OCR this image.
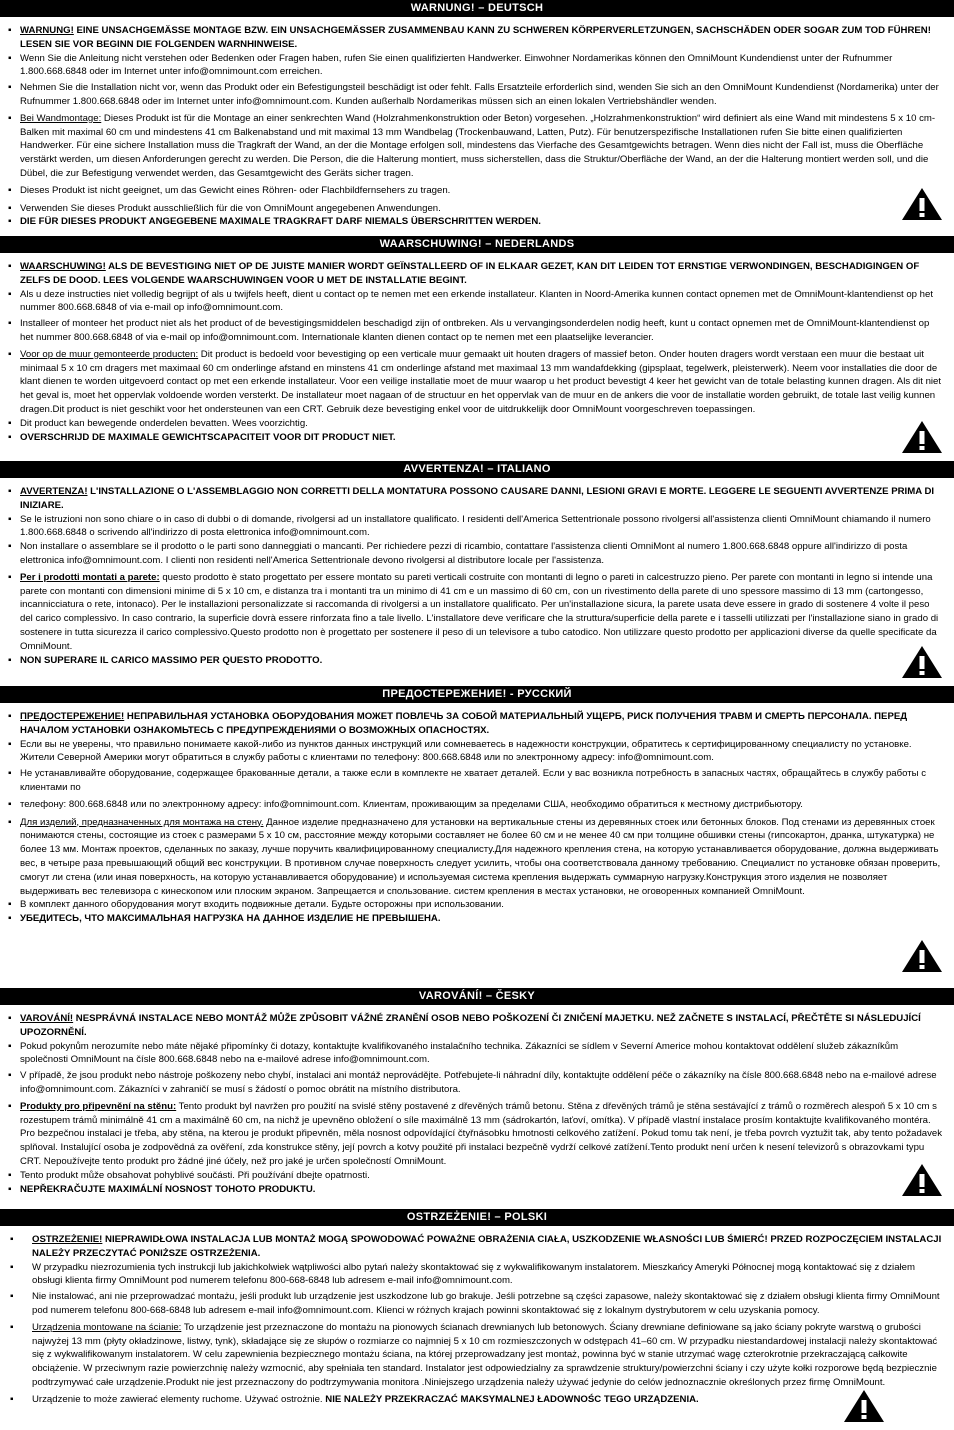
WARNUNG! – DEUTSCH
▪ WARNUNG! EINE UNSACHGEMÄSSE MONTAGE BZW. EIN UNSACHGEMÄSSER ZUSAMMENBAU KANN ZU SCHWEREN KÖRPERVERLETZUNGEN, SACHSCHÄDEN ODER SOGAR ZUM TOD FÜHREN! LESEN SIE VOR BEGINN DIE FOLGENDEN WARNHINWEISE.
▪ Wenn Sie die Anleitung nicht verstehen oder Bedenken oder Fragen haben, rufen Sie einen qualifizierten Handwerker. Einwohner Nordamerikas können den OmniMount Kundendienst unter der Rufnummer 1.800.668.6848 oder im Internet unter info@omnimount.com erreichen.
▪ Nehmen Sie die Installation nicht vor, wenn das Produkt oder ein Befestigungsteil beschädigt ist oder fehlt. Falls Ersatzteile erforderlich sind, wenden Sie sich an den OmniMount Kundendienst (Nordamerika) unter der Rufnummer 1.800.668.6848 oder im Internet unter info@omnimount.com. Kunden außerhalb Nordamerikas müssen sich an einen lokalen Vertriebshändler wenden.
▪ Bei Wandmontage: Dieses Produkt ist für die Montage an einer senkrechten Wand (Holzrahmenkonstruktion oder Beton) vorgesehen. „Holzrahmenkonstruktion“ wird definiert als eine Wand mit mindestens 5 x 10 cm-Balken mit maximal 60 cm und mindestens 41 cm Balkenabstand und mit maximal 13 mm Wandbelag (Trockenbauwand, Latten, Putz). Für benutzerspezifische Installationen rufen Sie bitte einen qualifizierten Handwerker. Für eine sichere Installation muss die Tragkraft der Wand, an der die Montage erfolgen soll, mindestens das Vierfache des Gesamtgewichts betragen. Wenn dies nicht der Fall ist, muss die Oberfläche verstärkt werden, um diesen Anforderungen gerecht zu werden. Die Person, die die Halterung montiert, muss sicherstellen, dass die Struktur/Oberfläche der Wand, an der die Halterung montiert werden soll, und die Dübel, die zur Befestigung verwendet werden, das Gesamtgewicht des Geräts sicher tragen.
▪ Dieses Produkt ist nicht geeignet, um das Gewicht eines Röhren- oder Flachbildfernsehers zu tragen.
▪ Verwenden Sie dieses Produkt ausschließlich für die von OmniMount angegebenen Anwendungen.
▪ DIE FÜR DIESES PRODUKT ANGEGEBENE MAXIMALE TRAGKRAFT DARF NIEMALS ÜBERSCHRITTEN WERDEN.
WAARSCHUWING! – NEDERLANDS
▪ WAARSCHUWING! ALS DE BEVESTIGING NIET OP DE JUISTE MANIER WORDT GEÏNSTALLEERD OF IN ELKAAR GEZET, KAN DIT LEIDEN TOT ERNSTIGE VERWONDINGEN, BESCHADIGINGEN OF ZELFS DE DOOD. LEES VOLGENDE WAARSCHUWINGEN VOOR U MET DE INSTALLATIE BEGINT.
▪ Als u deze instructies niet volledig begrijpt of als u twijfels heeft, dient u contact op te nemen met een erkende installateur. Klanten in Noord-Amerika kunnen contact opnemen met de OmniMount-klantendienst op het nummer 800.668.6848 of via e-mail op info@omnimount.com.
▪ Installeer of monteer het product niet als het product of de bevestigingsmiddelen beschadigd zijn of ontbreken. Als u vervangingsonderdelen nodig heeft, kunt u contact opnemen met de OmniMount-klantendienst op het nummer 800.668.6848 of via e-mail op info@omnimount.com. Internationale klanten dienen contact op te nemen met een plaatselijke leverancier.
▪ Voor op de muur gemonteerde producten: Dit product is bedoeld voor bevestiging op een verticale muur gemaakt uit houten dragers of massief beton. Onder houten dragers wordt verstaan een muur die bestaat uit minimaal 5 x 10 cm dragers met maximaal 60 cm onderlinge afstand en minstens 41 cm onderlinge afstand met maximaal 13 mm wandafdekking (gipsplaat, tegelwerk, pleisterwerk). Neem voor installaties die door de klant dienen te worden uitgevoerd contact op met een erkende installateur. Voor een veilige installatie moet de muur waarop u het product bevestigt 4 keer het gewicht van de totale belasting kunnen dragen. Als dit niet het geval is, moet het oppervlak voldoende worden versterkt. De installateur moet nagaan of de structuur en het oppervlak van de muur en de ankers die voor de installatie worden gebruikt, de totale last veilig kunnen dragen.Dit product is niet geschikt voor het ondersteunen van een CRT. Gebruik deze bevestiging enkel voor de uitdrukkelijk door OmniMount voorgeschreven toepassingen.
▪ Dit product kan bewegende onderdelen bevatten. Wees voorzichtig.
▪ OVERSCHRIJD DE MAXIMALE GEWICHTSCAPACITEIT VOOR DIT PRODUCT NIET.
AVVERTENZA! – ITALIANO
▪ AVVERTENZA! L'INSTALLAZIONE O L'ASSEMBLAGGIO NON CORRETTI DELLA MONTATURA POSSONO CAUSARE DANNI, LESIONI GRAVI E MORTE. LEGGERE LE SEGUENTI AVVERTENZE PRIMA DI INIZIARE.
▪ Se le istruzioni non sono chiare o in caso di dubbi o di domande, rivolgersi ad un installatore qualificato. I residenti dell'America Settentrionale possono rivolgersi all'assistenza clienti OmniMount chiamando il numero 1.800.668.6848 o scrivendo all'indirizzo di posta elettronica info@omnimount.com.
▪ Non installare o assemblare se il prodotto o le parti sono danneggiati o mancanti. Per richiedere pezzi di ricambio, contattare l'assistenza clienti OmniMont al numero 1.800.668.6848 oppure all'indirizzo di posta elettronica info@omnimount.com. I clienti non residenti nell'America Settentrionale devono rivolgersi al distributore locale per l'assistenza.
▪ Per i prodotti montati a parete: questo prodotto è stato progettato per essere montato su pareti verticali costruite con montanti di legno o pareti in calcestruzzo pieno. Per parete con montanti in legno si intende una parete con montanti con dimensioni minime di 5 x 10 cm, e distanza tra i montanti tra un minimo di 41 cm e un massimo di 60 cm, con un rivestimento della parete di uno spessore massimo di 13 mm (cartongesso, incannicciatura o rete, intonaco). Per le installazioni personalizzate si raccomanda di rivolgersi a un installatore qualificato. Per un'installazione sicura, la parete usata deve essere in grado di sostenere 4 volte il peso del carico complessivo. In caso contrario, la superficie dovrà essere rinforzata fino a tale livello. L'installatore deve verificare che la struttura/superficie della parete e i tasselli utilizzati per l'installazione siano in grado di sostenere in tutta sicurezza il carico complessivo.Questo prodotto non è progettato per sostenere il peso di un televisore a tubo catodico. Non utilizzare questo prodotto per applicazioni diverse da quelle specificate da OmniMount.
▪ NON SUPERARE IL CARICO MASSIMO PER QUESTO PRODOTTO.
ПРЕДОСТЕРЕЖЕНИЕ! - РУССКИЙ
▪ ПРЕДОСТЕРЕЖЕНИЕ! НЕПРАВИЛЬНАЯ УСТАНОВКА ОБОРУДОВАНИЯ МОЖЕТ ПОВЛЕЧЬ ЗА СОБОЙ МАТЕРИАЛЬНЫЙ УЩЕРБ, РИСК ПОЛУЧЕНИЯ ТРАВМ И СМЕРТЬ ПЕРСОНАЛА. ПЕРЕД НАЧАЛОМ УСТАНОВКИ ОЗНАКОМЬТЕСЬ С ПРЕДУПРЕЖДЕНИЯМИ О ВОЗМОЖНЫХ ОПАСНОСТЯХ.
▪ Если вы не уверены, что правильно понимаете какой-либо из пунктов данных инструкций или сомневаетесь в надежности конструкции, обратитесь к сертифицированному специалисту по установке. Жители Северной Америки могут обратиться в службу работы с клиентами по телефону: 800.668.6848 или по электронному адресу: info@omnimount.com.
▪ Не устанавливайте оборудование, содержащее бракованные детали, а также если в комплекте не хватает деталей. Если у вас возникла потребность в запасных частях, обращайтесь в службу работы с клиентами по
▪ телефону: 800.668.6848 или по электронному адресу: info@omnimount.com. Клиентам, проживающим за пределами США, необходимо обратиться к местному дистрибьютору.
▪ Для изделий, предназначенных для монтажа на стену. Данное изделие предназначено для установки на вертикальные стены из деревянных стоек или бетонных блоков. Под стенами из деревянных стоек понимаются стены, состоящие из стоек с размерами 5 x 10 см, расстояние между которыми составляет не более 60 см и не менее 40 см при толщине обшивки стены (гипсокартон, дранка, штукатурка) не более 13 мм. Монтаж проектов, сделанных по заказу, лучше поручить квалифицированному специалисту.Для надежного крепления стена, на которую устанавливается оборудование, должна выдерживать вес, в четыре раза превышающий общий вес конструкции. В противном случае поверхность следует усилить, чтобы она соответствовала данному требованию. Специалист по установке обязан проверить, смогут ли стена (или иная поверхность, на которую устанавливается оборудование) и используемая система крепления выдержать суммарную нагрузку.Конструкция этого изделия не позволяет выдерживать вес телевизора с кинескопом или плоским экраном. Запрещается и спользование. систем крепления в местах установки, не оговоренных компанией OmniMount.
▪ В комплект данного оборудования могут входить подвижные детали. Будьте осторожны при использовании.
▪ УБЕДИТЕСЬ, ЧТО МАКСИМАЛЬНАЯ НАГРУЗКА НА ДАННОЕ ИЗДЕЛИЕ НЕ ПРЕВЫШЕНА.
VAROVÁNÍ! – ČESKY
▪ VAROVÁNÍ! NESPRÁVNÁ INSTALACE NEBO MONTÁŽ MŮŽE ZPŮSOBIT VÁŽNÉ ZRANĚNÍ OSOB NEBO POŠKOZENÍ ČI ZNIČENÍ MAJETKU. NEŽ ZAČNETE S INSTALACÍ, PŘEČTĚTE SI NÁSLEDUJÍCÍ UPOZORNĚNÍ.
▪ Pokud pokynům nerozumíte nebo máte nějaké připomínky či dotazy, kontaktujte kvalifikovaného instalačního technika. Zákazníci se sídlem v Severní Americe mohou kontaktovat oddělení služeb zákazníkům společnosti OmniMount na čísle 800.668.6848 nebo na e-mailové adrese info@omnimount.com.
▪ V případě, že jsou produkt nebo nástroje poškozeny nebo chybí, instalaci ani montáž neprovádějte. Potřebujete-li náhradní díly, kontaktujte oddělení péče o zákazníky na čísle 800.668.6848 nebo na e-mailové adrese info@omnimount.com. Zákazníci v zahraničí se musí s žádostí o pomoc obrátit na místního distributora.
▪ Produkty pro připevnění na stěnu: Tento produkt byl navržen pro použití na svislé stěny postavené z dřevěných trámů betonu. Stěna z dřevěných trámů je stěna sestávající z trámů o rozměrech alespoň 5 x 10 cm s rozestupem trámů minimálně 41 cm a maximálně 60 cm, na nichž je upevněno obložení o síle maximálně 13 mm (sádrokartón, laťoví, omítka). V případě vlastní instalace prosím kontaktujte kvalifikovaného montéra. Pro bezpečnou instalaci je třeba, aby stěna, na kterou je produkt připevněn, měla nosnost odpovídající čtyřnásobku hmotnosti celkového zatížení. Pokud tomu tak není, je třeba povrch vyztužit tak, aby tento požadavek splňoval. Instalující osoba je zodpovědná za ověření, zda konstrukce stěny, její povrch a kotvy použité při instalaci bezpečně vydrží celkové zatížení.Tento produkt není určen k nesení televizorů s obrazovkami typu CRT. Nepoužívejte tento produkt pro žádné jiné účely, než pro jaké je určen společností OmniMount.
▪ Tento produkt může obsahovat pohyblivé součásti. Při používání dbejte opatrnosti.
▪ NEPŘEKRAČUJTE MAXIMÁLNÍ NOSNOST TOHOTO PRODUKTU.
OSTRZEŻENIE! – POLSKI
▪ OSTRZEŻENIE! NIEPRAWIDŁOWA INSTALACJA LUB MONTAŻ MOGĄ SPOWODOWAĆ POWAŻNE OBRAŻENIA CIAŁA, USZKODZENIE WŁASNOŚCI LUB ŚMIERĆ! PRZED ROZPOCZĘCIEM INSTALACJI NALEŻY PRZECZYTAĆ PONIŻSZE OSTRZEŻENIA.
▪ W przypadku niezrozumienia tych instrukcji lub jakichkolwiek wątpliwości albo pytań należy skontaktować się z wykwalifikowanym instalatorem. Mieszkańcy Ameryki Północnej mogą kontaktować się z działem obsługi klienta firmy OmniMount pod numerem telefonu 800-668-6848 lub adresem e-mail info@omnimount.com.
▪ Nie instalować, ani nie przeprowadzać montażu, jeśli produkt lub urządzenie jest uszkodzone lub go brakuje. Jeśli potrzebne są części zapasowe, należy skontaktować się z działem obsługi klienta firmy OmniMount pod numerem telefonu 800-668-6848 lub adresem e-mail info@omnimount.com. Klienci w różnych krajach powinni skontaktować się z lokalnym dystrybutorem w celu uzyskania pomocy.
▪ Urządzenia montowane na ścianie: To urządzenie jest przeznaczone do montażu na pionowych ścianach drewnianych lub betonowych. Ściany drewniane definiowane są jako ściany pokryte warstwą o grubości najwyżej 13 mm (płyty okładzinowe, listwy, tynk), składające się ze słupów o rozmiarze co najmniej 5 x 10 cm rozmieszczonych w odstępach 41–60 cm. W przypadku niestandardowej instalacji należy skontaktować się z wykwalifikowanym instalatorem. W celu zapewnienia bezpiecznego montażu ściana, na której przeprowadzany jest montaż, powinna być w stanie utrzymać wagę czterokrotnie przekraczającą całkowite obciążenie. W przeciwnym razie powierzchnię należy wzmocnić, aby spełniała ten standard. Instalator jest odpowiedzialny za sprawdzenie struktury/powierzchni ściany i czy użyte kołki rozporowe będą bezpiecznie podtrzymywać całe urządzenie.Produkt nie jest przeznaczony do podtrzymywania monitora .Niniejszego urządzenia należy używać jedynie do celów jednoznacznie określonych przez firmę OmniMount.
▪ Urządzenie to może zawierać elementy ruchome. Używać ostrożnie. NIE NALEŻY PRZEKRACZAĆ MAKSYMALNEJ ŁADOWNOŚC TEGO URZĄDZENIA.
